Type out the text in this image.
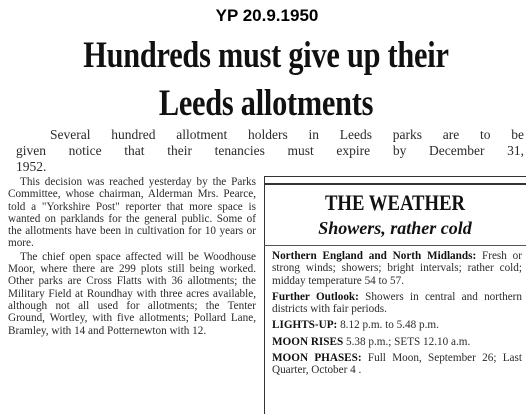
YP 20.9.1950
Hundreds must give up their
Leeds allotments
Several hundred allotment holders in Leeds parks are to be
given notice that their tenancies must expire by December 31,
1952.

This decision was reached yesterday by the Parks Committee, whose chairman, Alderman Mrs. Pearce, told a "Yorkshire Post" reporter that more space is wanted on parklands for the general public. Some of the allotments have been in cultivation for 10 years or more.

The chief open space affected will be Woodhouse Moor, where there are 299 plots still being worked. Other parks are Cross Flatts with 36 allotments; the Military Field at Roundhay with three acres available, although not all used for allotments; the Tenter Ground, Wortley, with five allotments; Pollard Lane, Bramley, with 14 and Potternewton with 12.

THE WEATHER
Showers, rather cold

Northern England and North Midlands: Fresh or strong winds; showers; bright intervals; rather cold; midday temperature 54 to 57.

Further Outlook: Showers in central and northern districts with fair periods.

LIGHTS-UP: 8.12 p.m. to 5.48 p.m.

MOON RISES 5.38 p.m.; SETS 12.10 a.m.

MOON PHASES: Full Moon, September 26; Last Quarter, October 4 .
